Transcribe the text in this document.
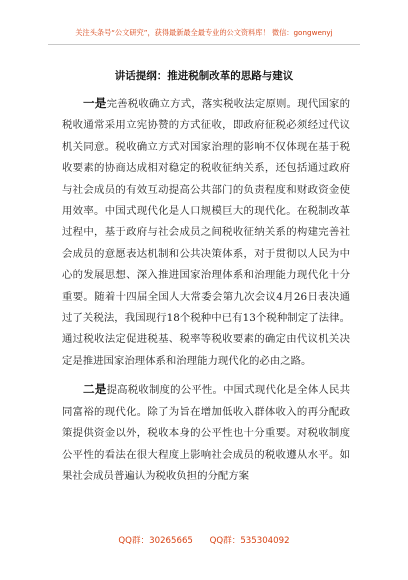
关注头条号“公文研究”，获得最新最全最专业的公文资料库！ 微信：gongwenyj
讲话提纲：推进税制改革的思路与建议

一是完善税收确立方式，落实税收法定原则。现代国家的税收通常采用立宪协赞的方式征收，即政府征税必须经过代议机关同意。税收确立方式对国家治理的影响不仅体现在基于税收要素的协商达成相对稳定的税收征纳关系，还包括通过政府与社会成员的有效互动提高公共部门的负责程度和财政资金使用效率。中国式现代化是人口规模巨大的现代化。在税制改革过程中，基于政府与社会成员之间税收征纳关系的构建完善社会成员的意愿表达机制和公共决策体系，对于贯彻以人民为中心的发展思想、深入推进国家治理体系和治理能力现代化十分重要。随着十四届全国人大常委会第九次会议4月26日表决通过了关税法，我国现行18个税种中已有13个税种制定了法律。通过税收法定促进税基、税率等税收要素的确定由代议机关决定是推进国家治理体系和治理能力现代化的必由之路。

二是提高税收制度的公平性。中国式现代化是全体人民共同富裕的现代化。除了为旨在增加低收入群体收入的再分配政策提供资金以外，税收本身的公平性也十分重要。对税收制度公平性的看法在很大程度上影响社会成员的税收遵从水平。如果社会成员普遍认为税收负担的分配方案

QQ群：30265665 QQ群：535304092
